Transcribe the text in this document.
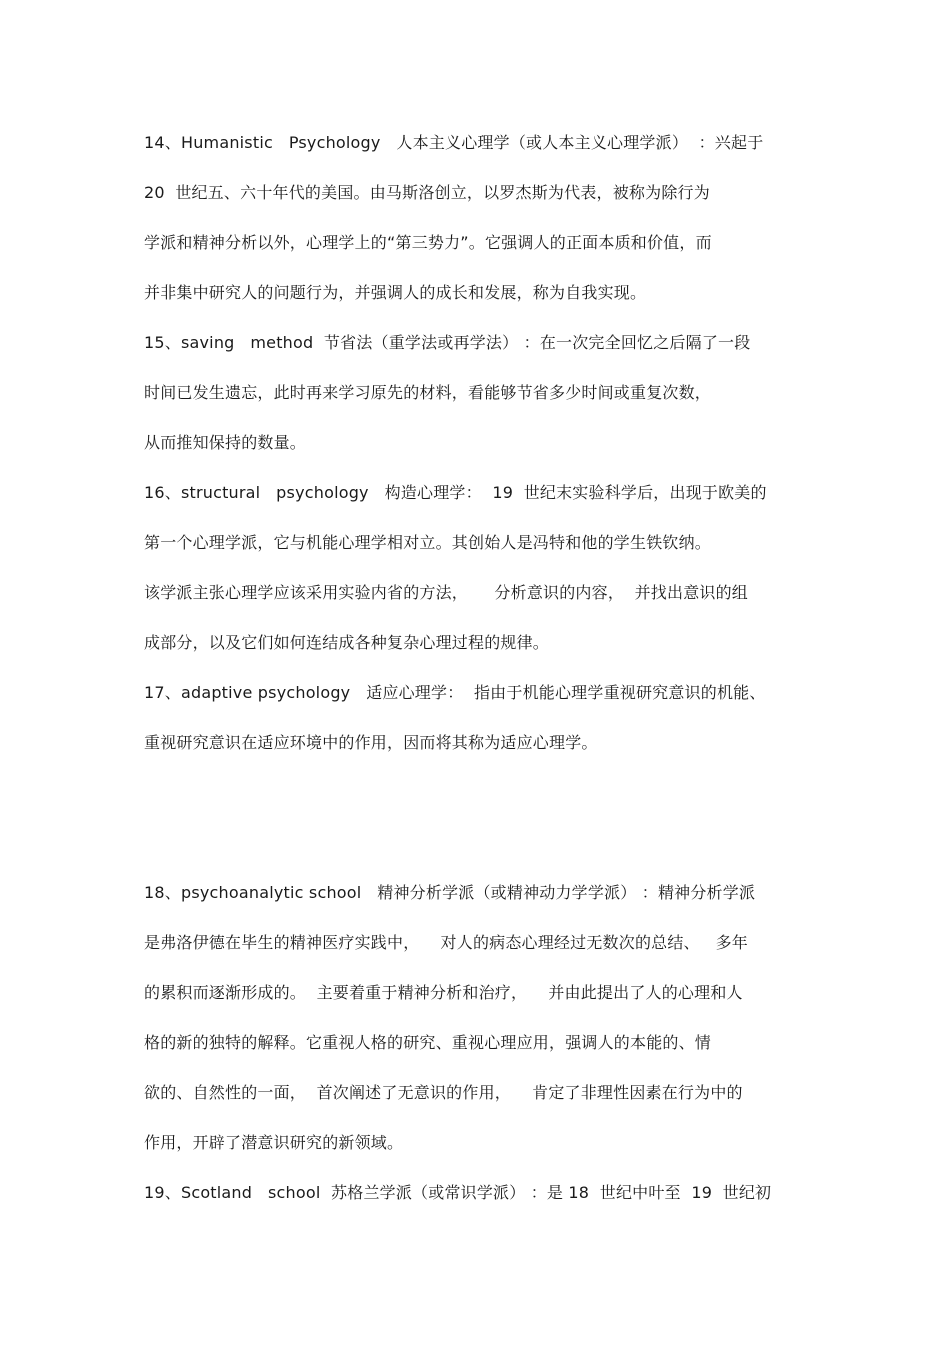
14、Humanistic   Psychology   人本主义心理学（或人本主义心理学派）  ：兴起于
20  世纪五、六十年代的美国。由马斯洛创立，以罗杰斯为代表，被称为除行为
学派和精神分析以外，心理学上的“第三势力”。它强调人的正面本质和价值，而
并非集中研究人的问题行为，并强调人的成长和发展，称为自我实现。
15、saving   method  节省法（重学法或再学法） ：在一次完全回忆之后隔了一段
时间已发生遗忘，此时再来学习原先的材料，看能够节省多少时间或重复次数，
从而推知保持的数量。
16、structural   psychology   构造心理学：  19  世纪末实验科学后，出现于欧美的
第一个心理学派，它与机能心理学相对立。其创始人是冯特和他的学生铁钦纳。
该学派主张心理学应该采用实验内省的方法，     分析意识的内容，  并找出意识的组
成部分，以及它们如何连结成各种复杂心理过程的规律。
17、adaptive psychology   适应心理学：  指由于机能心理学重视研究意识的机能、
重视研究意识在适应环境中的作用，因而将其称为适应心理学。
18、psychoanalytic school   精神分析学派（或精神动力学学派） ：精神分析学派
是弗洛伊德在毕生的精神医疗实践中，    对人的病态心理经过无数次的总结、   多年
的累积而逐渐形成的。  主要着重于精神分析和治疗，    并由此提出了人的心理和人
格的新的独特的解释。它重视人格的研究、重视心理应用，强调人的本能的、情
欲的、自然性的一面，  首次阐述了无意识的作用，    肯定了非理性因素在行为中的
作用，开辟了潜意识研究的新领域。
19、Scotland   school  苏格兰学派（或常识学派） ：是 18  世纪中叶至  19  世纪初
